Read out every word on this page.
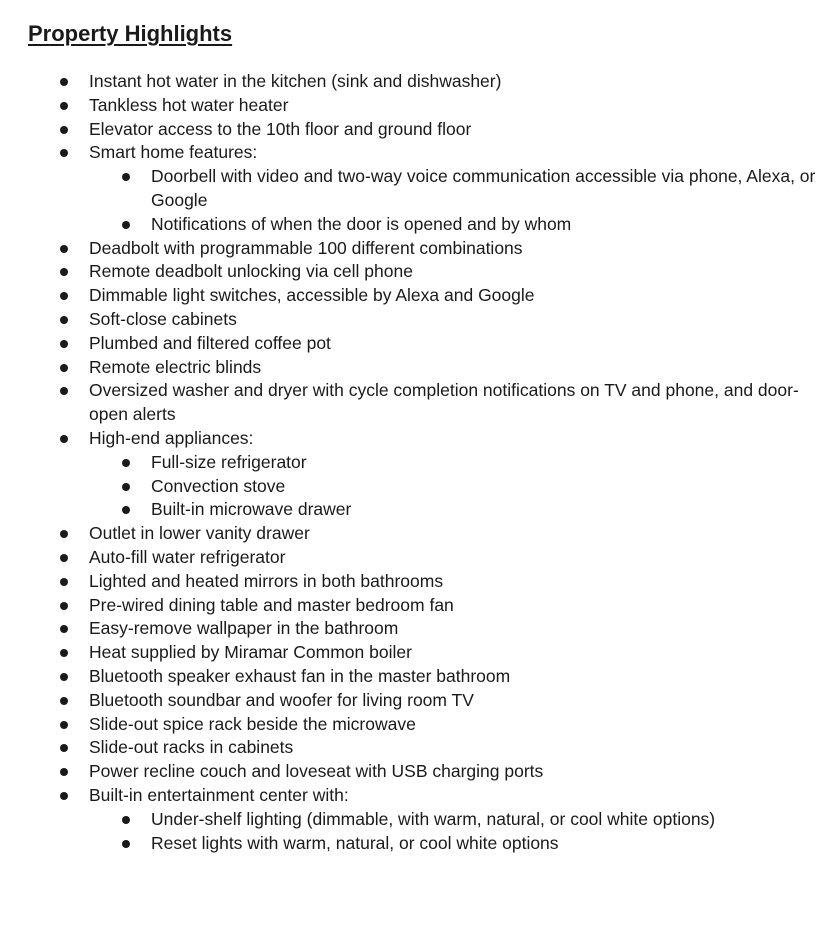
Property Highlights
Instant hot water in the kitchen (sink and dishwasher)
Tankless hot water heater
Elevator access to the 10th floor and ground floor
Smart home features:
Doorbell with video and two-way voice communication accessible via phone, Alexa, or Google
Notifications of when the door is opened and by whom
Deadbolt with programmable 100 different combinations
Remote deadbolt unlocking via cell phone
Dimmable light switches, accessible by Alexa and Google
Soft-close cabinets
Plumbed and filtered coffee pot
Remote electric blinds
Oversized washer and dryer with cycle completion notifications on TV and phone, and door-open alerts
High-end appliances:
Full-size refrigerator
Convection stove
Built-in microwave drawer
Outlet in lower vanity drawer
Auto-fill water refrigerator
Lighted and heated mirrors in both bathrooms
Pre-wired dining table and master bedroom fan
Easy-remove wallpaper in the bathroom
Heat supplied by Miramar Common boiler
Bluetooth speaker exhaust fan in the master bathroom
Bluetooth soundbar and woofer for living room TV
Slide-out spice rack beside the microwave
Slide-out racks in cabinets
Power recline couch and loveseat with USB charging ports
Built-in entertainment center with:
Under-shelf lighting (dimmable, with warm, natural, or cool white options)
Reset lights with warm, natural, or cool white options
